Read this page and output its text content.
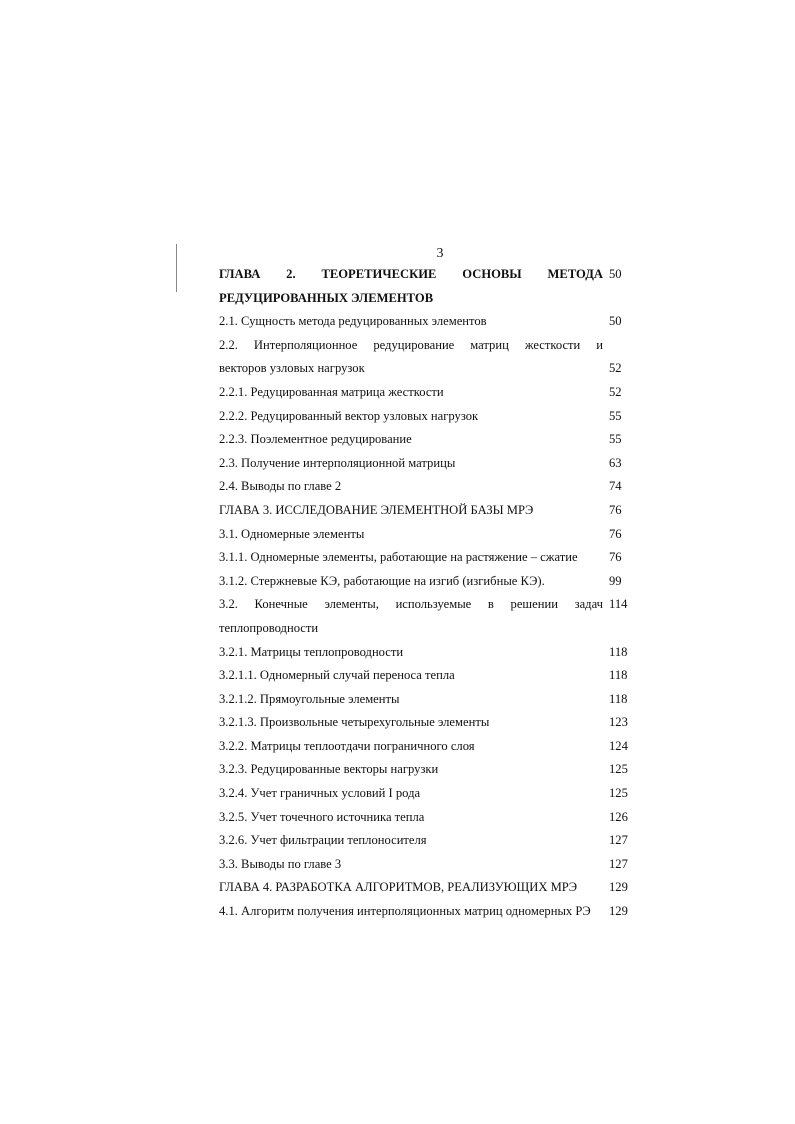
3
ГЛАВА 2. ТЕОРЕТИЧЕСКИЕ ОСНОВЫ МЕТОДА 50
РЕДУЦИРОВАННЫХ ЭЛЕМЕНТОВ
2.1. Сущность метода редуцированных элементов	50
2.2. Интерполяционное редуцирование матриц жесткости и
векторов узловых нагрузок	52
2.2.1. Редуцированная матрица жесткости	52
2.2.2. Редуцированный вектор узловых нагрузок	55
2.2.3. Поэлементное редуцирование	55
2.3. Получение интерполяционной матрицы	63
2.4. Выводы по главе 2	74
ГЛАВА 3. ИССЛЕДОВАНИЕ ЭЛЕМЕНТНОЙ БАЗЫ МРЭ	76
3.1. Одномерные элементы	76
3.1.1. Одномерные элементы, работающие на растяжение – сжатие	76
3.1.2. Стержневые КЭ, работающие на изгиб (изгибные КЭ).	99
3.2. Конечные элементы, используемые в решении задач 114
теплопроводности
3.2.1. Матрицы теплопроводности	118
3.2.1.1. Одномерный случай переноса тепла	118
3.2.1.2. Прямоугольные элементы	118
3.2.1.3. Произвольные четырехугольные элементы	123
3.2.2. Матрицы теплоотдачи пограничного слоя	124
3.2.3. Редуцированные векторы нагрузки	125
3.2.4. Учет граничных условий I рода	125
3.2.5. Учет точечного источника тепла	126
3.2.6. Учет фильтрации теплоносителя	127
3.3. Выводы по главе 3	127
ГЛАВА 4. РАЗРАБОТКА АЛГОРИТМОВ, РЕАЛИЗУЮЩИХ МРЭ	129
4.1. Алгоритм получения интерполяционных матриц одномерных РЭ	129
